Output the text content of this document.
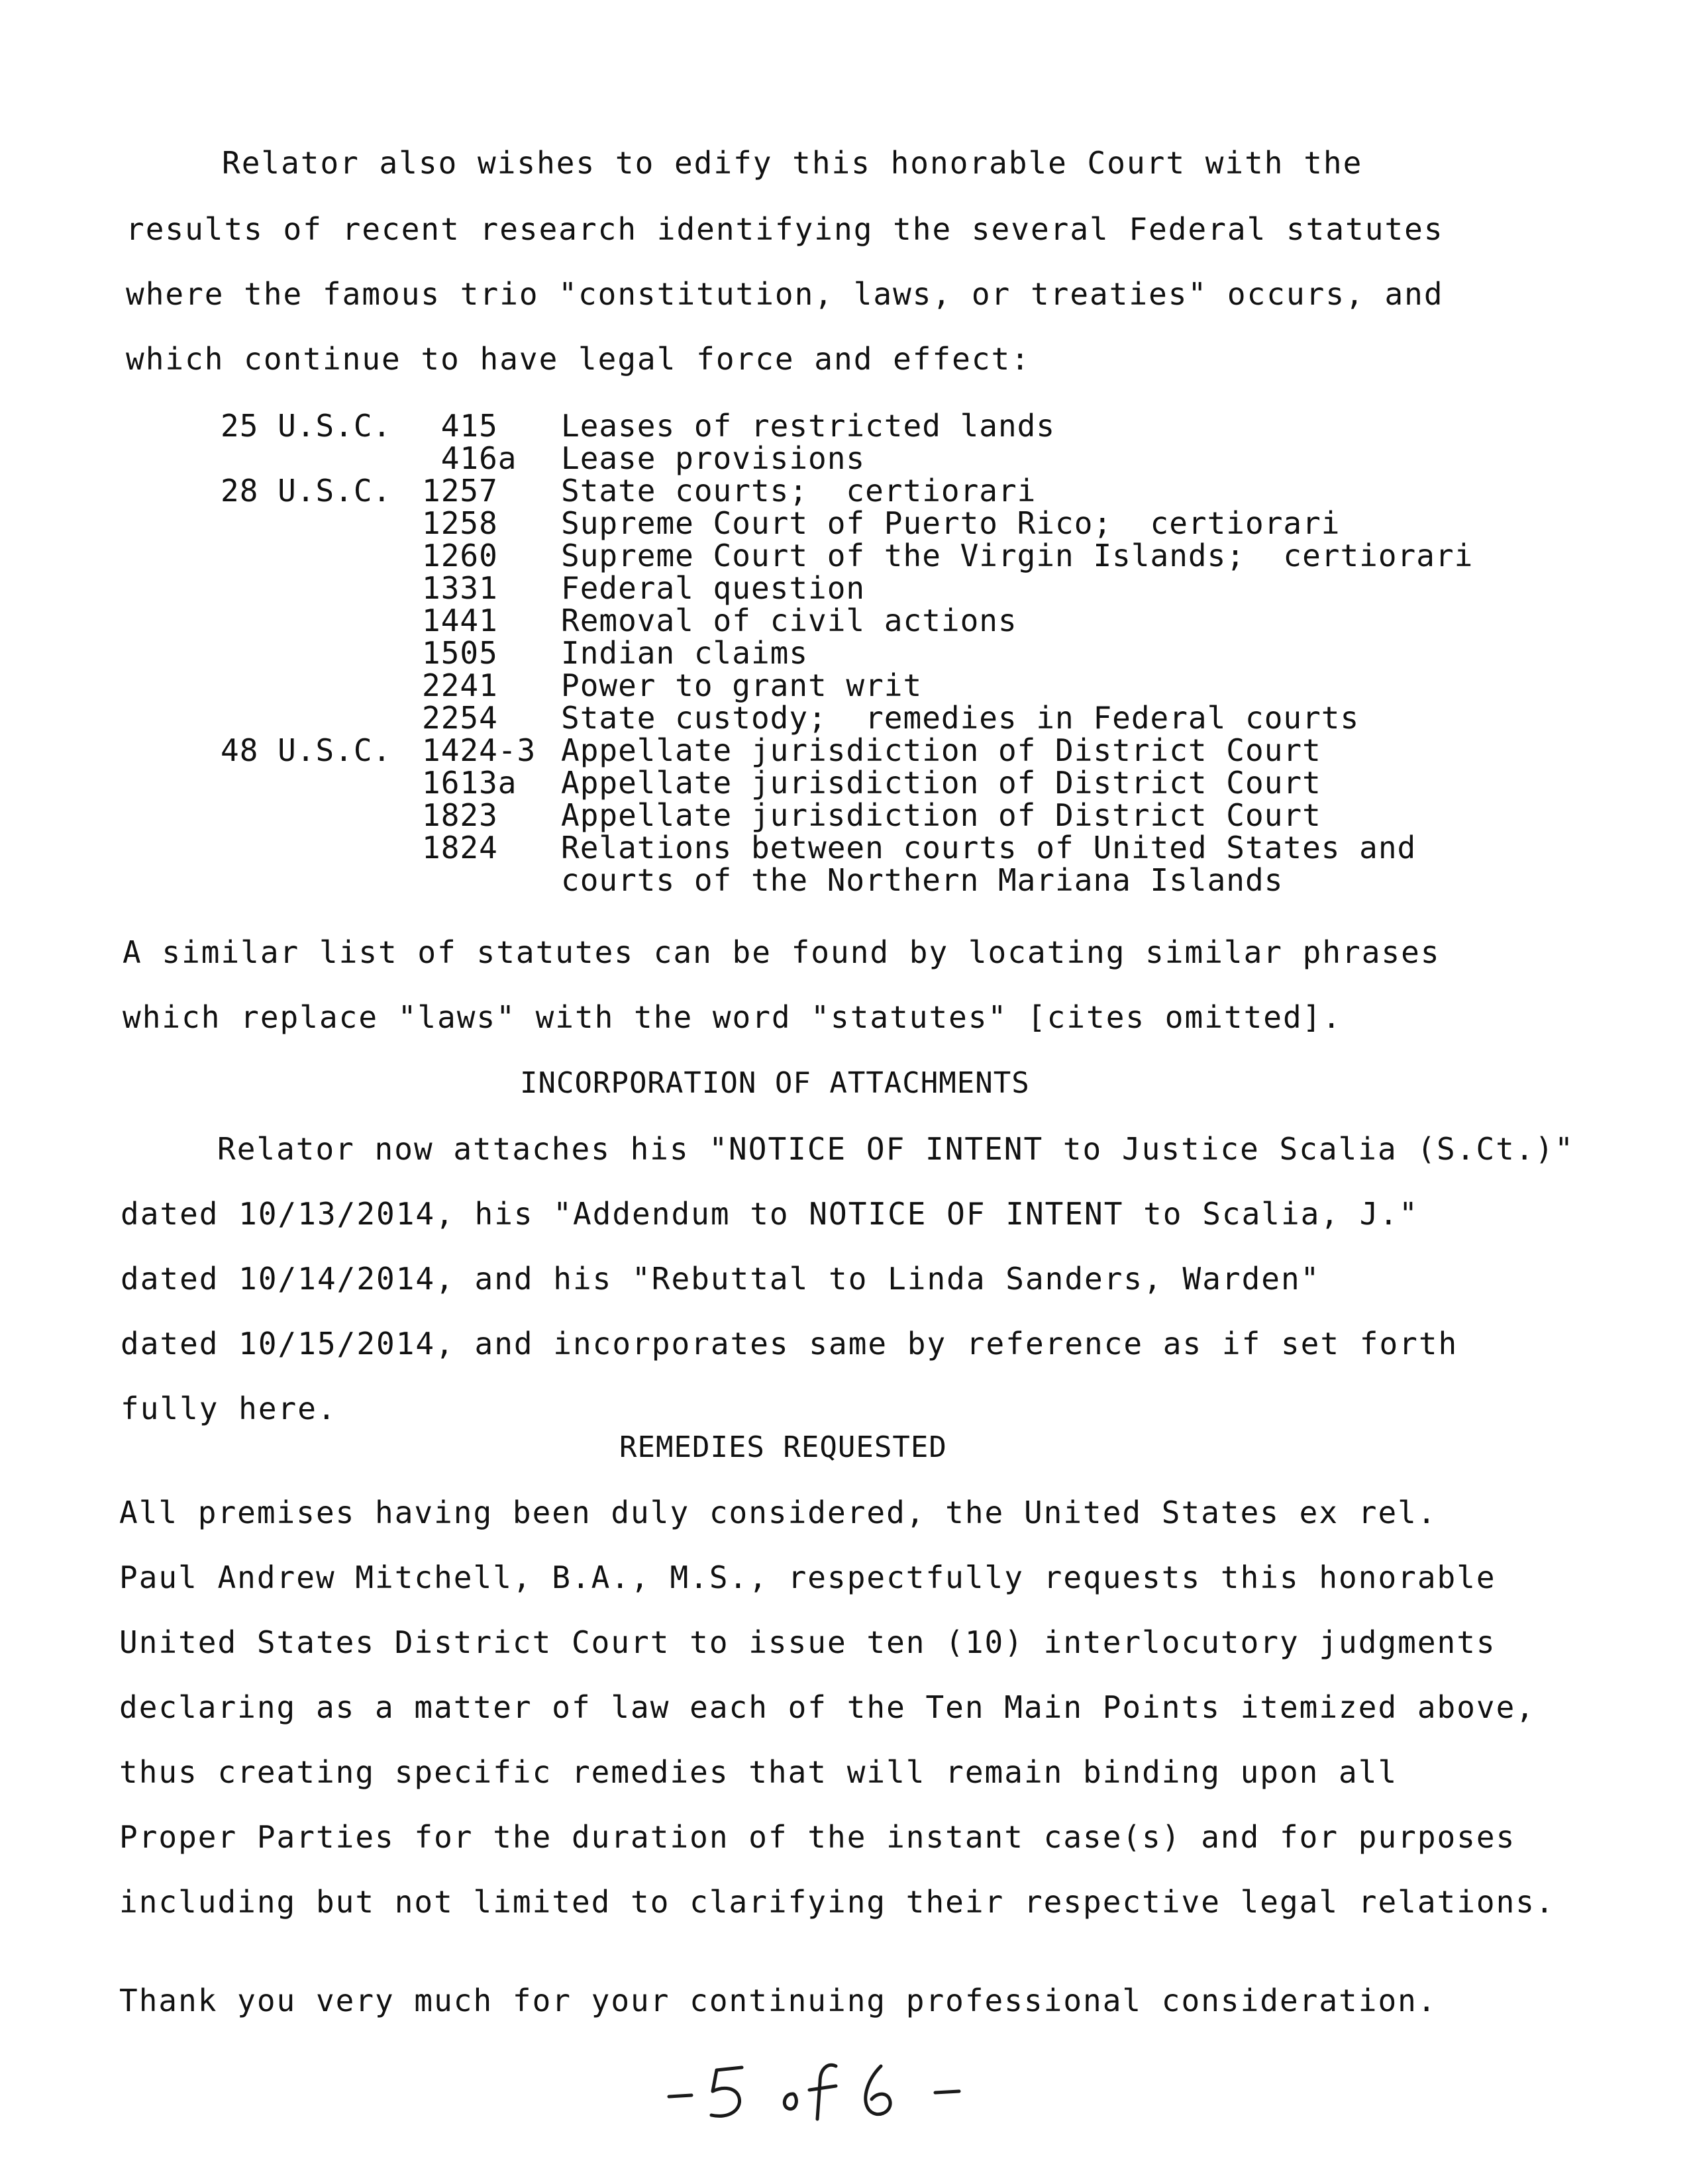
Relator also wishes to edify this honorable Court with the
results of recent research identifying the several Federal statutes
where the famous trio "constitution, laws, or treaties" occurs, and
which continue to have legal force and effect:
25 U.S.C. 415 Leases of restricted lands
416a Lease provisions
28 U.S.C. 1257 State courts;  certiorari
1258 Supreme Court of Puerto Rico;  certiorari
1260 Supreme Court of the Virgin Islands;  certiorari
1331 Federal question
1441 Removal of civil actions
1505 Indian claims
2241 Power to grant writ
2254 State custody;  remedies in Federal courts
48 U.S.C. 1424-3 Appellate jurisdiction of District Court
1613a Appellate jurisdiction of District Court
1823 Appellate jurisdiction of District Court
1824 Relations between courts of United States and
courts of the Northern Mariana Islands
A similar list of statutes can be found by locating similar phrases
which replace "laws" with the word "statutes" [cites omitted].
INCORPORATION OF ATTACHMENTS
Relator now attaches his "NOTICE OF INTENT to Justice Scalia (S.Ct.)"
dated 10/13/2014, his "Addendum to NOTICE OF INTENT to Scalia, J."
dated 10/14/2014, and his "Rebuttal to Linda Sanders, Warden"
dated 10/15/2014, and incorporates same by reference as if set forth
fully here.
REMEDIES REQUESTED
All premises having been duly considered, the United States ex rel.
Paul Andrew Mitchell, B.A., M.S., respectfully requests this honorable
United States District Court to issue ten (10) interlocutory judgments
declaring as a matter of law each of the Ten Main Points itemized above,
thus creating specific remedies that will remain binding upon all
Proper Parties for the duration of the instant case(s) and for purposes
including but not limited to clarifying their respective legal relations.
Thank you very much for your continuing professional consideration.
